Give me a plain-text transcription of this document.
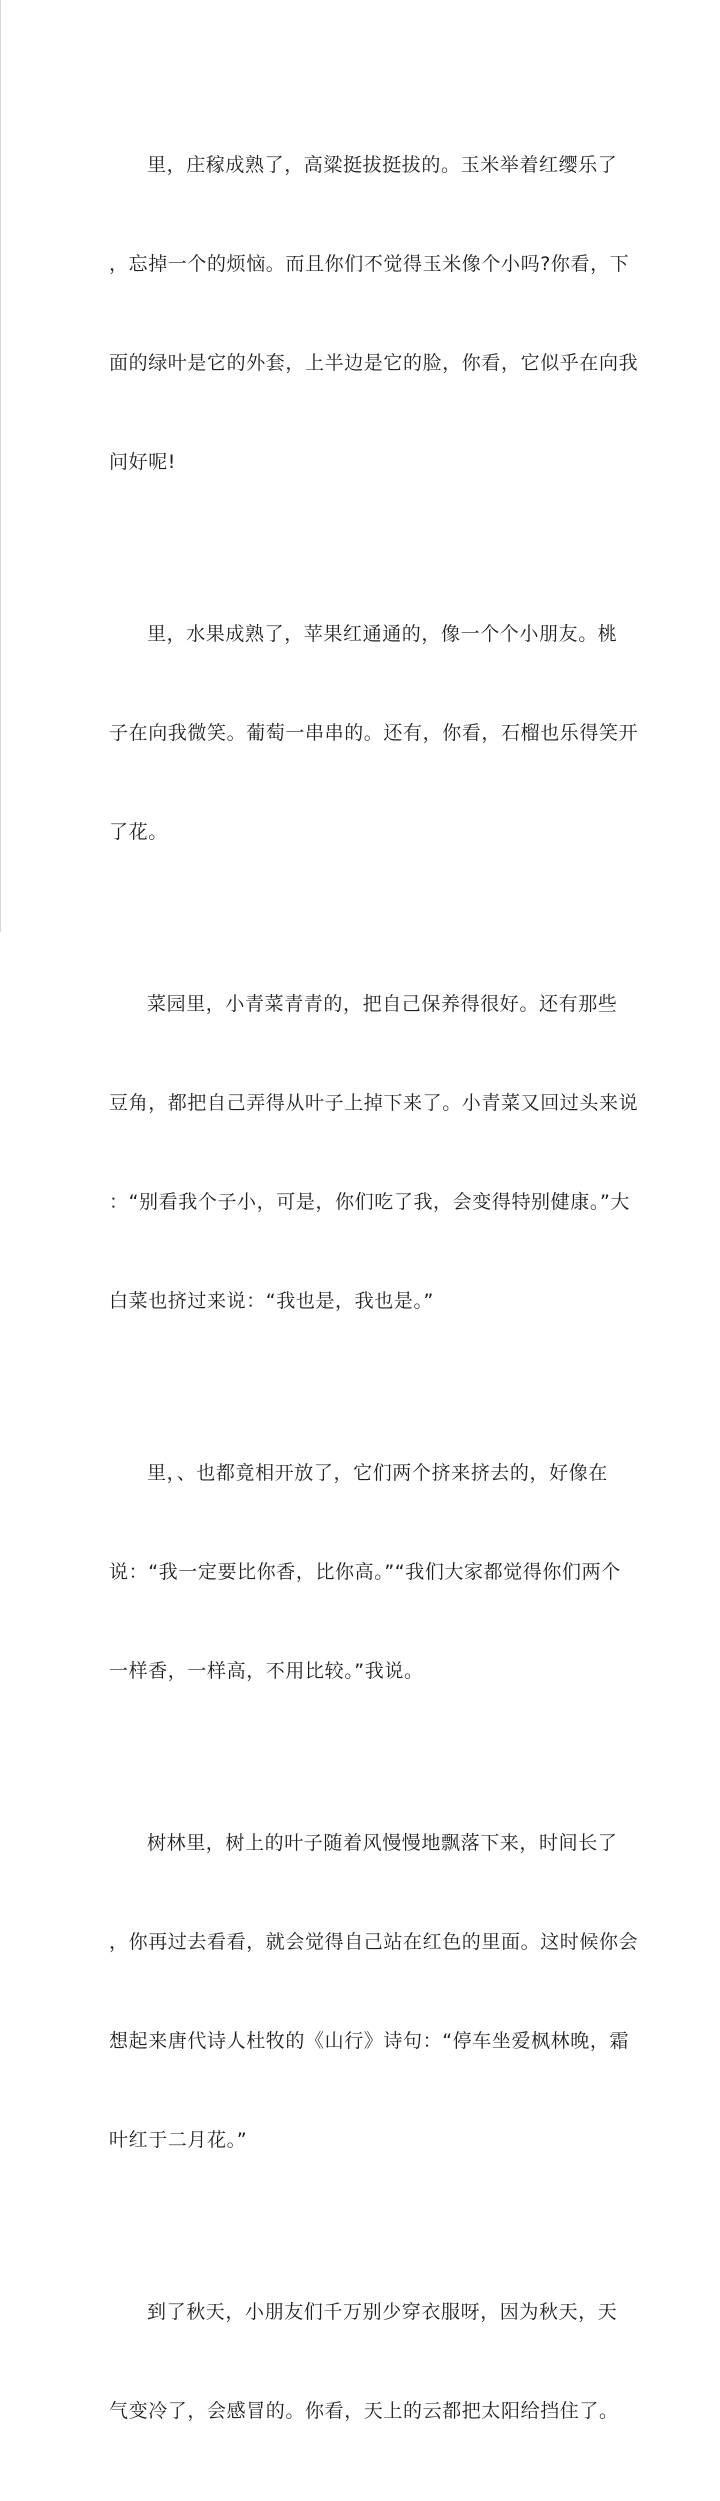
里，庄稼成熟了，高粱挺拔挺拔的。玉米举着红缨乐了

，忘掉一个的烦恼。而且你们不觉得玉米像个小吗?你看，下

面的绿叶是它的外套，上半边是它的脸，你看，它似乎在向我

问好呢!

里，水果成熟了，苹果红通通的，像一个个小朋友。桃

子在向我微笑。葡萄一串串的。还有，你看，石榴也乐得笑开

了花。

菜园里，小青菜青青的，把自己保养得很好。还有那些

豆角，都把自己弄得从叶子上掉下来了。小青菜又回过头来说

：“别看我个子小，可是，你们吃了我，会变得特别健康。”大

白菜也挤过来说：“我也是，我也是。”

里，、也都竟相开放了，它们两个挤来挤去的，好像在

说：“我一定要比你香，比你高。”“我们大家都觉得你们两个

一样香，一样高，不用比较。”我说。

树林里，树上的叶子随着风慢慢地飘落下来，时间长了

，你再过去看看，就会觉得自己站在红色的里面。这时候你会

想起来唐代诗人杜牧的《山行》诗句：“停车坐爱枫林晚，霜

叶红于二月花。”

到了秋天，小朋友们千万别少穿衣服呀，因为秋天，天

气变冷了，会感冒的。你看，天上的云都把太阳给挡住了。
